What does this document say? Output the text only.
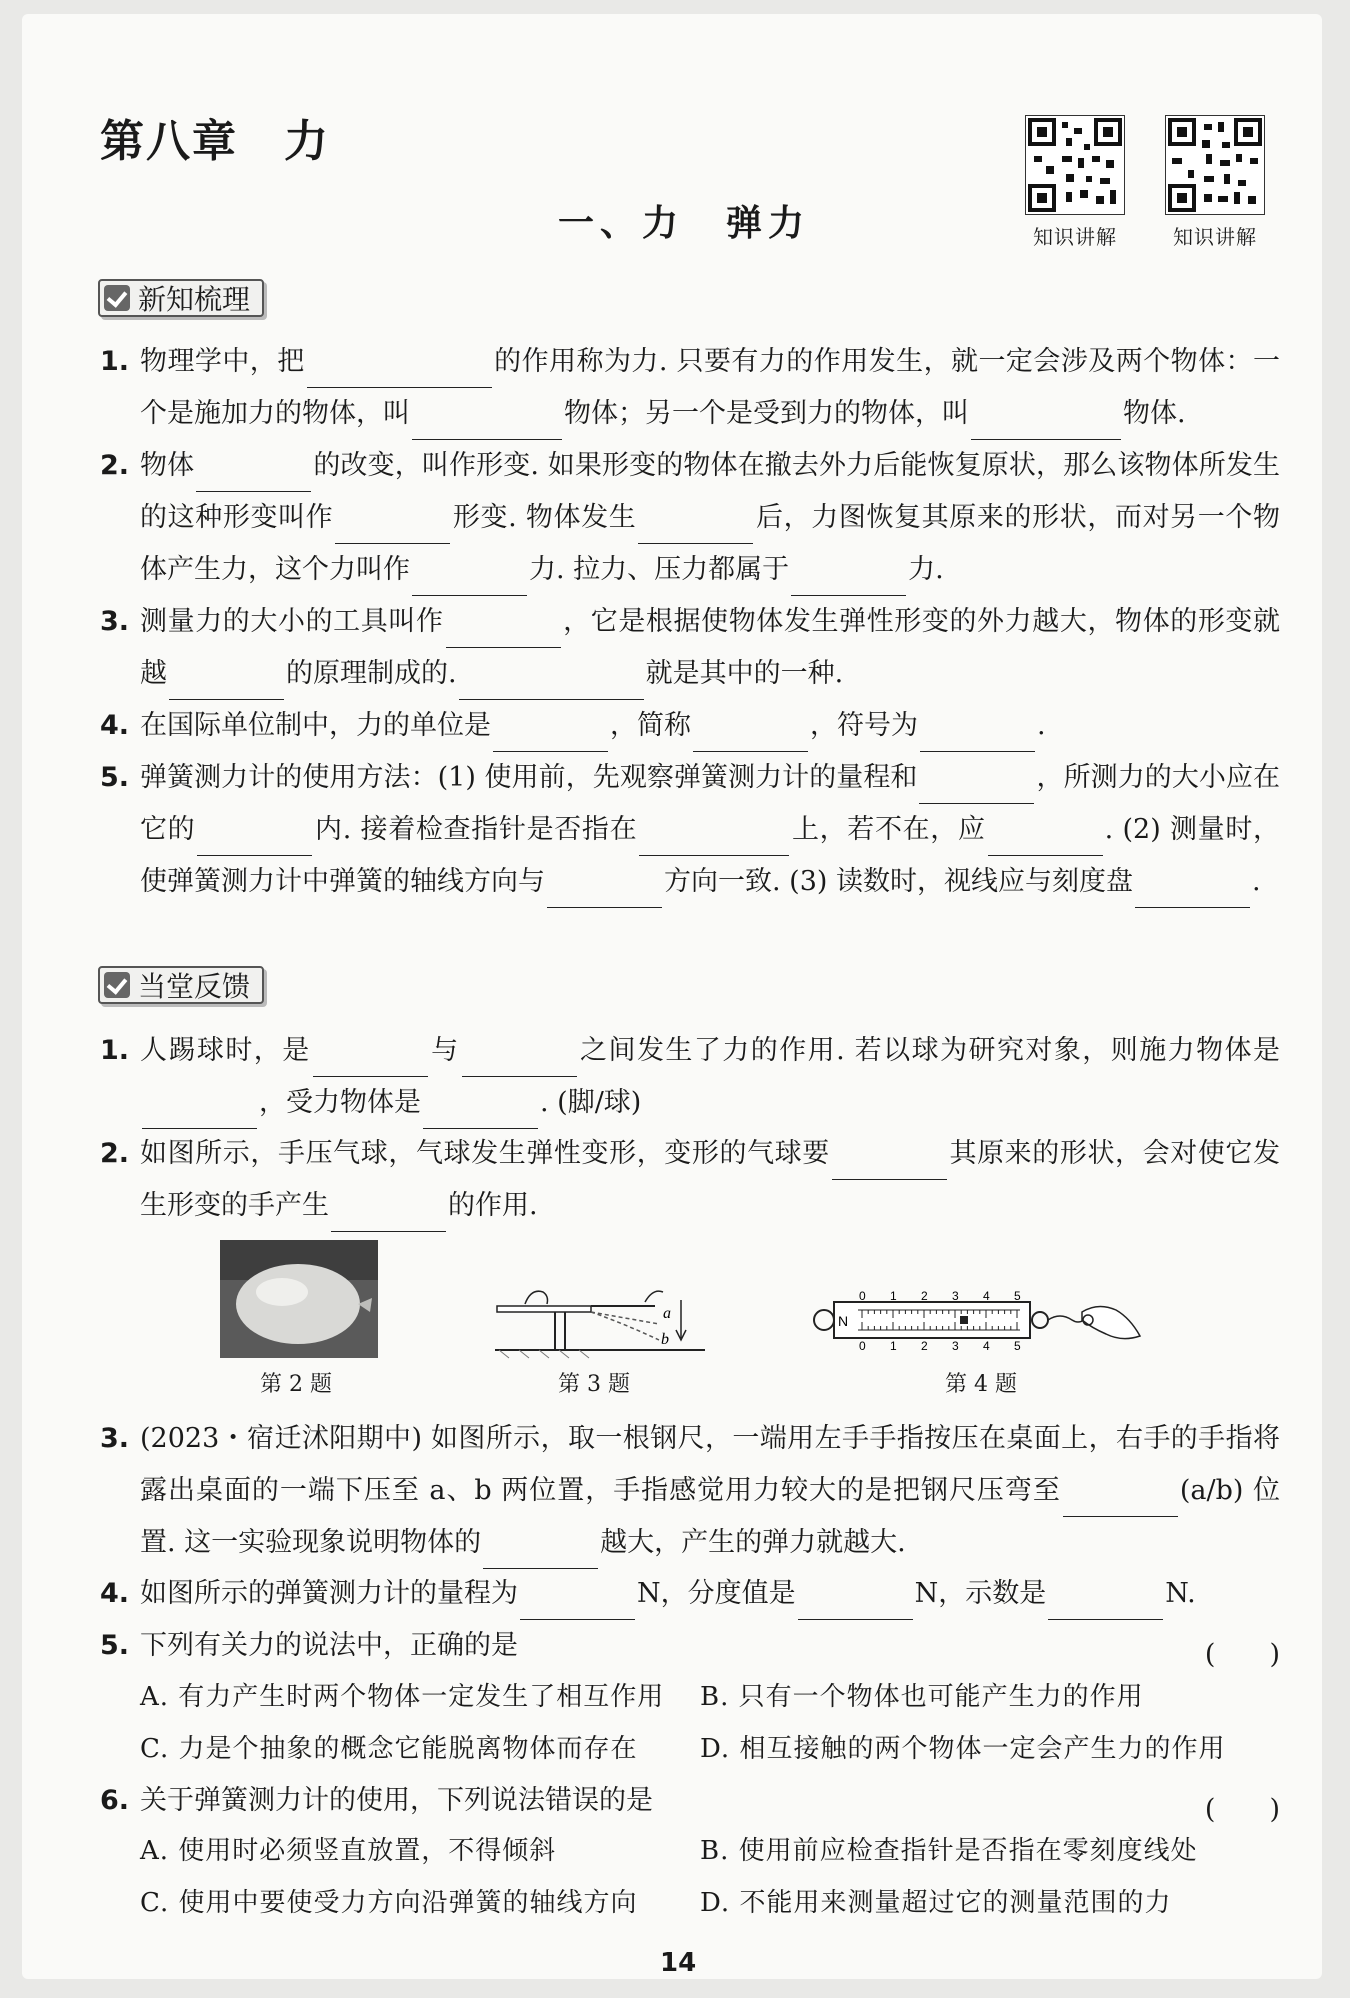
第八章　力
一、力　弹力	知识讲解	知识讲解
新知梳理
1. 物理学中，把	的作用称为力. 只要有力的作用发生，就一定会涉及两个物体：一个是施加力的物体，叫	物体；另一个是受到力的物体，叫	物体.
2. 物体	的改变，叫作形变. 如果形变的物体在撤去外力后能恢复原状，那么该物体所发生的这种形变叫作	形变. 物体发生	后，力图恢复其原来的形状，而对另一个物体产生力，这个力叫作	力. 拉力、压力都属于	力.
3. 测量力的大小的工具叫作	，它是根据使物体发生弹性形变的外力越大，物体的形变就越	的原理制成的.	就是其中的一种.
4. 在国际单位制中，力的单位是	，简称	，符号为	.
5. 弹簧测力计的使用方法：(1) 使用前，先观察弹簧测力计的量程和	，所测力的大小应在它的	内. 接着检查指针是否指在	上，若不在，应	. (2) 测量时，使弹簧测力计中弹簧的轴线方向与	方向一致. (3) 读数时，视线应与刻度盘	.
当堂反馈
1. 人踢球时，是	与	之间发生了力的作用. 若以球为研究对象，则施力物体是，受力物体是	. (脚/球)
2. 如图所示，手压气球，气球发生弹性变形，变形的气球要	其原来的形状，会对使它发生形变的手产生	的作用.
第 2 题
a
b
第 3 题
N
0
0
1
1
2
2
3
3
4
4
5
5
第 4 题
3. (2023・宿迁沭阳期中) 如图所示，取一根钢尺，一端用左手手指按压在桌面上，右手的手指将露出桌面的一端下压至 a、b 两位置，手指感觉用力较大的是把钢尺压弯至	(a/b) 位置. 这一实验现象说明物体的	越大，产生的弹力就越大.
4. 如图所示的弹簧测力计的量程为	N，分度值是	N，示数是	N.
5. 下列有关力的说法中，正确的是	(　　)
A. 有力产生时两个物体一定发生了相互作用 B. 只有一个物体也可能产生力的作用
C. 力是个抽象的概念它能脱离物体而存在 D. 相互接触的两个物体一定会产生力的作用
6. 关于弹簧测力计的使用，下列说法错误的是	(　　)
A. 使用时必须竖直放置，不得倾斜	B. 使用前应检查指针是否指在零刻度线处
C. 使用中要使受力方向沿弹簧的轴线方向 D. 不能用来测量超过它的测量范围的力
14
